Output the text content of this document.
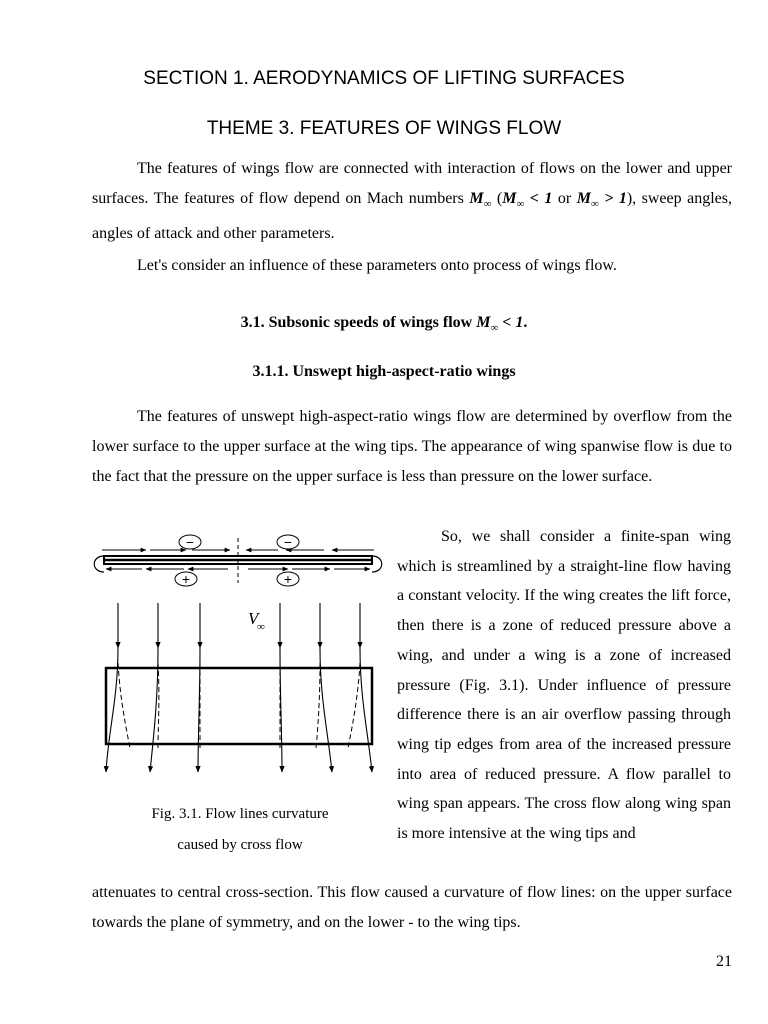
SECTION 1. AERODYNAMICS OF LIFTING SURFACES
THEME 3. FEATURES OF WINGS FLOW

The features of wings flow are connected with interaction of flows on the lower and upper surfaces. The features of flow depend on Mach numbers $M_\infty$ ($M_\infty < 1$ or $M_\infty > 1$), sweep angles, angles of attack and other parameters.

Let's consider an influence of these parameters onto process of wings flow.

3.1. Subsonic speeds of wings flow $M_\infty < 1$.
3.1.1. Unswept high-aspect-ratio wings

The features of unswept high-aspect-ratio wings flow are determined by overflow from the lower surface to the upper surface at the wing tips. The appearance of wing spanwise flow is due to the fact that the pressure on the upper surface is less than pressure on the lower surface.

So, we shall consider a finite-span wing which is streamlined by a straight-line flow having a constant velocity. If the wing creates the lift force, then there is a zone of reduced pressure above a wing, and under a wing is a zone of increased pressure (Fig. 3.1). Under influence of pressure difference there is an air overflow passing through wing tip edges from area of the increased pressure into area of reduced pressure. A flow parallel to wing span appears. The cross flow along wing span is more intensive at the wing tips and

attenuates to central cross-section. This flow caused a curvature of flow lines: on the upper surface towards the plane of symmetry, and on the lower - to the wing tips.

−	−
+	+
V
∞
Fig. 3.1. Flow lines curvature
caused by cross flow
21
